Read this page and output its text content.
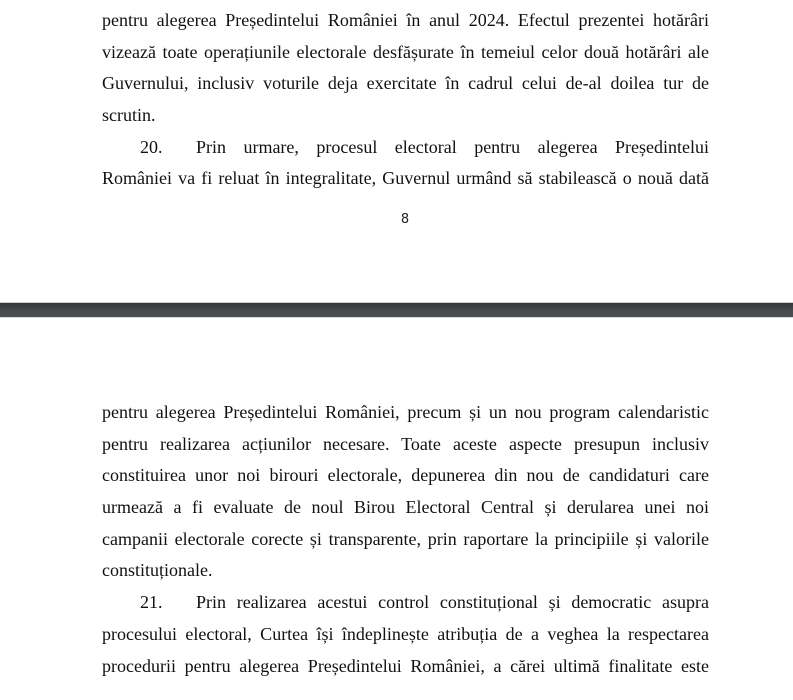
pentru alegerea Președintelui României în anul 2024. Efectul prezentei hotărâri
vizează toate operațiunile electorale desfășurate în temeiul celor două hotărâri ale
Guvernului, inclusiv voturile deja exercitate în cadrul celui de-al doilea tur de
scrutin.
20.	Prin urmare, procesul electoral pentru alegerea Președintelui
României va fi reluat în integralitate, Guvernul urmând să stabilească o nouă dată
8
pentru alegerea Președintelui României, precum și un nou program calendaristic
pentru realizarea acțiunilor necesare. Toate aceste aspecte presupun inclusiv
constituirea unor noi birouri electorale, depunerea din nou de candidaturi care
urmează a fi evaluate de noul Birou Electoral Central și derularea unei noi
campanii electorale corecte și transparente, prin raportare la principiile și valorile
constituționale.
21.	Prin realizarea acestui control constituțional și democratic asupra
procesului electoral, Curtea își îndeplinește atribuția de a veghea la respectarea
procedurii pentru alegerea Președintelui României, a cărei ultimă finalitate este
